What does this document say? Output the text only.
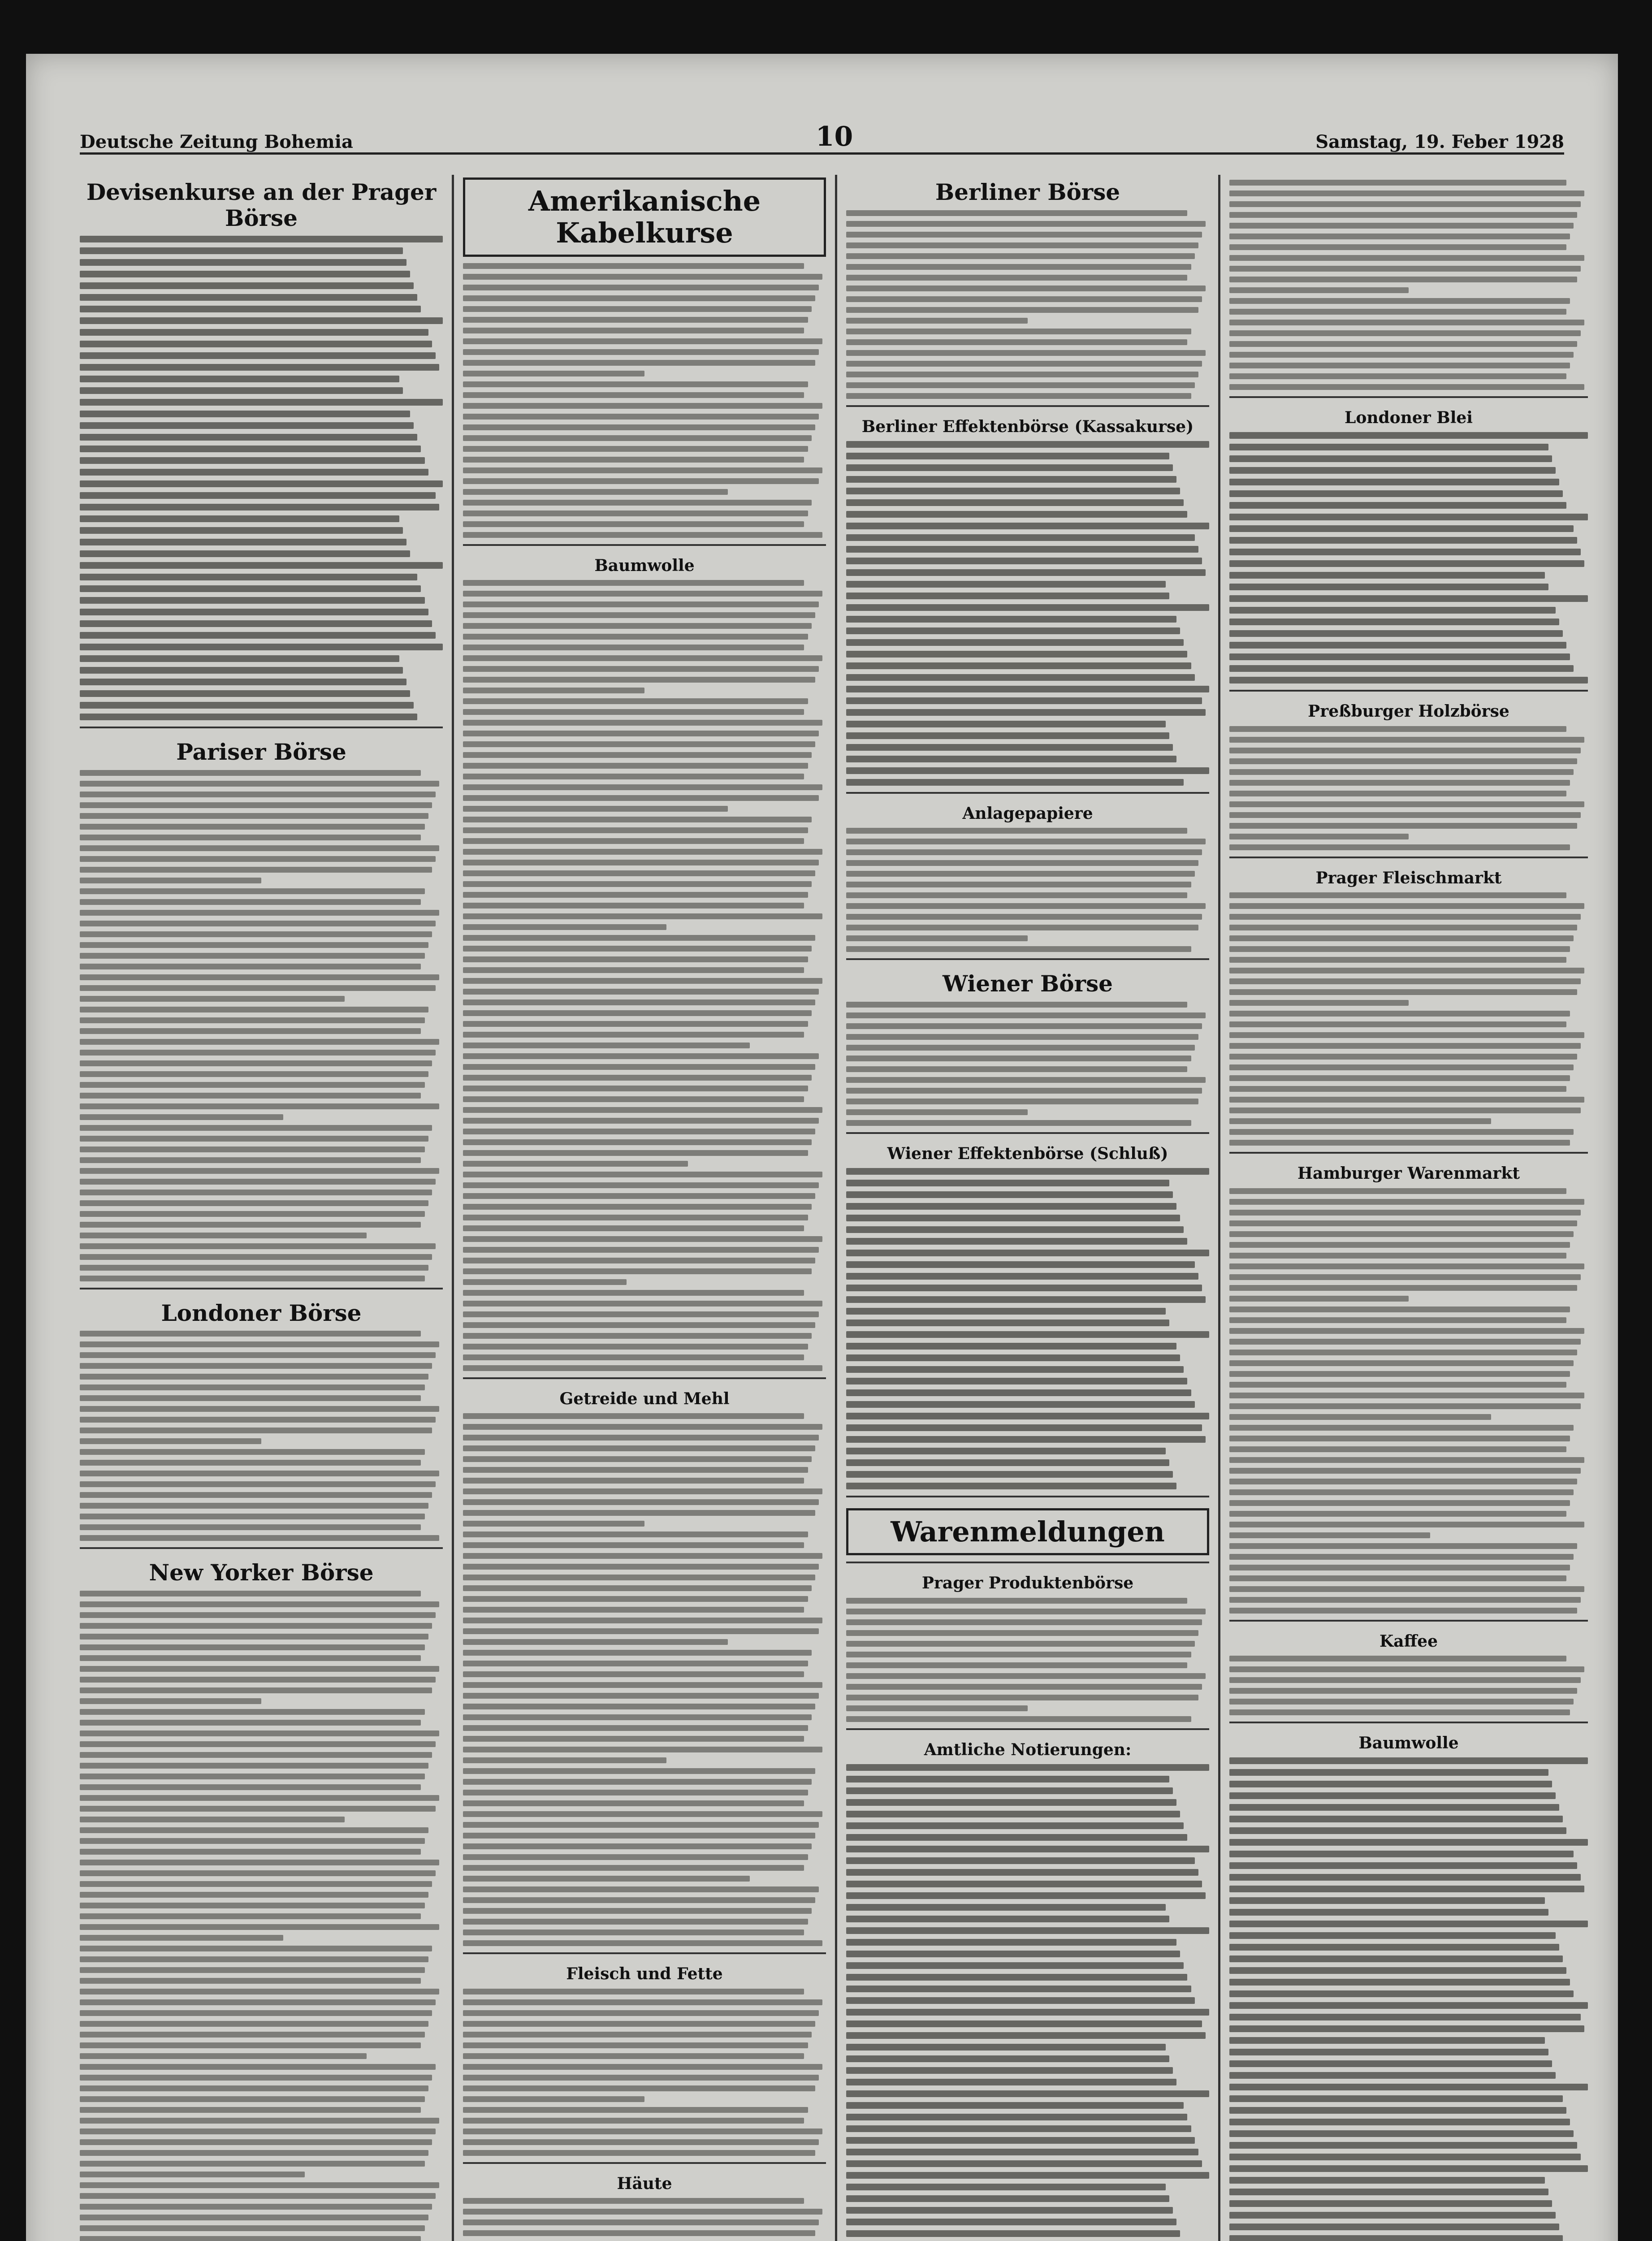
Deutsche Zeitung Bohemia	10	Samstag, 19. Feber 1928
Devisenkurse an der Prager Börse
Pariser Börse
Londoner Börse
New Yorker Börse
Amerikanische Kabelkurse
Baumwolle
Getreide und Mehl
Fleisch und Fette
Häute
Berliner Börse
Berliner Effektenbörse (Kassakurse)
Anlagepapiere
Wiener Börse
Wiener Effektenbörse (Schluß)
Warenmeldungen
Prager Produktenbörse
Amtliche Notierungen:
Londoner Blei
Preßburger Holzbörse
Prager Fleischmarkt
Hamburger Warenmarkt
Kaffee
Baumwolle
